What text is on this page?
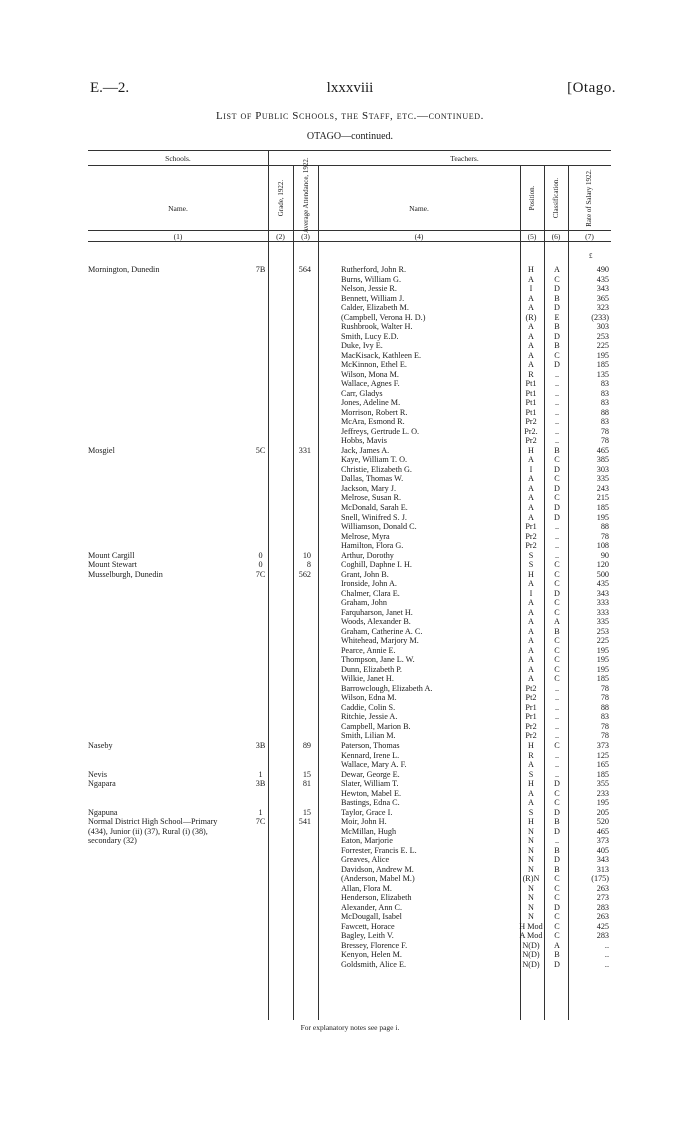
E.—2.	lxxxviii	[Otago.
List of Public Schools, the Staff, etc.—continued.
OTAGO—continued.
Schools.	Teachers.
Name.	Grade, 1922. Average Attendance, 1922.	Name.	Position. Classification.	Rate of Salary 1922.
(1)	(2)	(3)	(4)	(5)	(6)	(7)
Mornington, Dunedin	7B	564	Rutherford, John R.	H	A	490
Burns, William G.	A	C	435
Nelson, Jessie R.	I	D	343
Bennett, William J.	A	B	365
Calder, Elizabeth M.	A	D	323
(Campbell, Verona H. D.)	(R)	E	(233)
Rushbrook, Walter H.	A	B	303
Smith, Lucy E.D.	A	D	253
Duke, Ivy E.	A	B	225
MacKisack, Kathleen E.	A	C	195
McKinnon, Ethel E.	A	D	185
Wilson, Mona M.	R	..	135
Wallace, Agnes F.	Pt1	..	83
Carr, Gladys	Pt1	..	83
Jones, Adeline M.	Pt1	..	83
Morrison, Robert R.	Pt1	..	88
McAra, Esmond R.	Pr2	..	83
Jeffreys, Gertrude L. O.	Pr2.	..	78
Hobbs, Mavis	Pr2	..	78
Mosgiel	5C	331	Jack, James A.	H	B	465
Kaye, William T. O.	A	C	385
Christie, Elizabeth G.	I	D	303
Dallas, Thomas W.	A	C	335
Jackson, Mary J.	A	D	243
Melrose, Susan R.	A	C	215
McDonald, Sarah E.	A	D	185
Snell, Winifred S. J.	A	D	195
Williamson, Donald C.	Pr1	..	88
Melrose, Myra	Pr2	..	78
Hamilton, Flora G.	Pr2	..	108
Mount Cargill	0	10	Arthur, Dorothy	S	..	90
Mount Stewart	0	8	Coghill, Daphne I. H.	S	C	120
Musselburgh, Dunedin	7C	562	Grant, John B.	H	C	500
Ironside, John A.	A	C	435
Chalmer, Clara E.	I	D	343
Graham, John	A	C	333
Farquharson, Janet H.	A	C	333
Woods, Alexander B.	A	A	335
Graham, Catherine A. C.	A	B	253
Whitehead, Marjory M.	A	C	225
Pearce, Annie E.	A	C	195
Thompson, Jane L. W.	A	C	195
Dunn, Elizabeth P.	A	C	195
Wilkie, Janet H.	A	C	185
Barrowclough, Elizabeth A.	Pt2	..	78
Wilson, Edna M.	Pt2	..	78
Caddie, Colin S.	Pr1	..	88
Ritchie, Jessie A.	Pr1	..	83
Campbell, Marion B.	Pr2	..	78
Smith, Lilian M.	Pr2	..	78
Naseby	3B	89	Paterson, Thomas	H	C	373
Kennard, Irene L.	R	..	125
Wallace, Mary A. F.	A	..	165
Nevis	1	15	Dewar, George E.	S	..	185
Ngapara	3B	81	Slater, William T.	H	D	355
Hewton, Mabel E.	A	C	233
Bastings, Edna C.	A	C	195
Ngapuna	1	15	Taylor, Grace I.	S	D	205
Normal District High School—Primary	7C	541	Moir, John H.	H	B	520
(434), Junior (ii) (37), Rural (i) (38),	McMillan, Hugh	N	D	465
secondary (32)	Eaton, Marjorie	N	..	373
Forrester, Francis E. L.	N	B	405
Greaves, Alice	N	D	343
Davidson, Andrew M.	N	B	313
(Anderson, Mabel M.)	(R)N	C	(175)
Allan, Flora M.	N	C	263
Henderson, Elizabeth	N	C	273
Alexander, Ann C.	N	D	283
McDougall, Isabel	N	C	263
Fawcett, Horace	H Mod	C	425
Bagley, Leith V.	A Mod	C	283
Bressey, Florence F.	N(D)	A	..
Kenyon, Helen M.	N(D)	B	..
Goldsmith, Alice E.	N(D)	D	..
£
For explanatory notes see page i.
